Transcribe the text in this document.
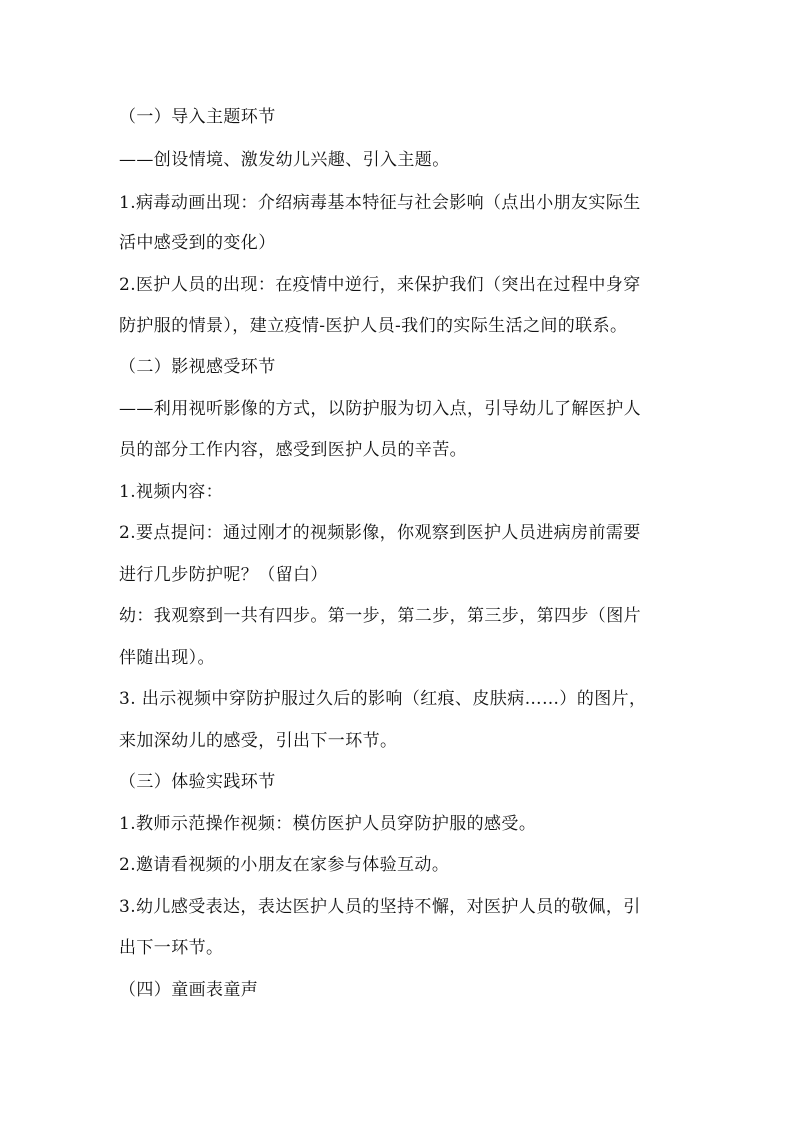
（一）导入主题环节
——创设情境、激发幼儿兴趣、引入主题。
1.病毒动画出现：介绍病毒基本特征与社会影响（点出小朋友实际生
活中感受到的变化）
2.医护人员的出现：在疫情中逆行，来保护我们（突出在过程中身穿
防护服的情景），建立疫情-医护人员-我们的实际生活之间的联系。
（二）影视感受环节
——利用视听影像的方式，以防护服为切入点，引导幼儿了解医护人
员的部分工作内容，感受到医护人员的辛苦。
1.视频内容：
2.要点提问：通过刚才的视频影像，你观察到医护人员进病房前需要
进行几步防护呢？（留白）
幼：我观察到一共有四步。第一步，第二步，第三步，第四步（图片
伴随出现）。
3. 出示视频中穿防护服过久后的影响（红痕、皮肤病……）的图片，
来加深幼儿的感受，引出下一环节。
（三）体验实践环节
1.教师示范操作视频：模仿医护人员穿防护服的感受。
2.邀请看视频的小朋友在家参与体验互动。
3.幼儿感受表达，表达医护人员的坚持不懈，对医护人员的敬佩，引
出下一环节。
（四）童画表童声
